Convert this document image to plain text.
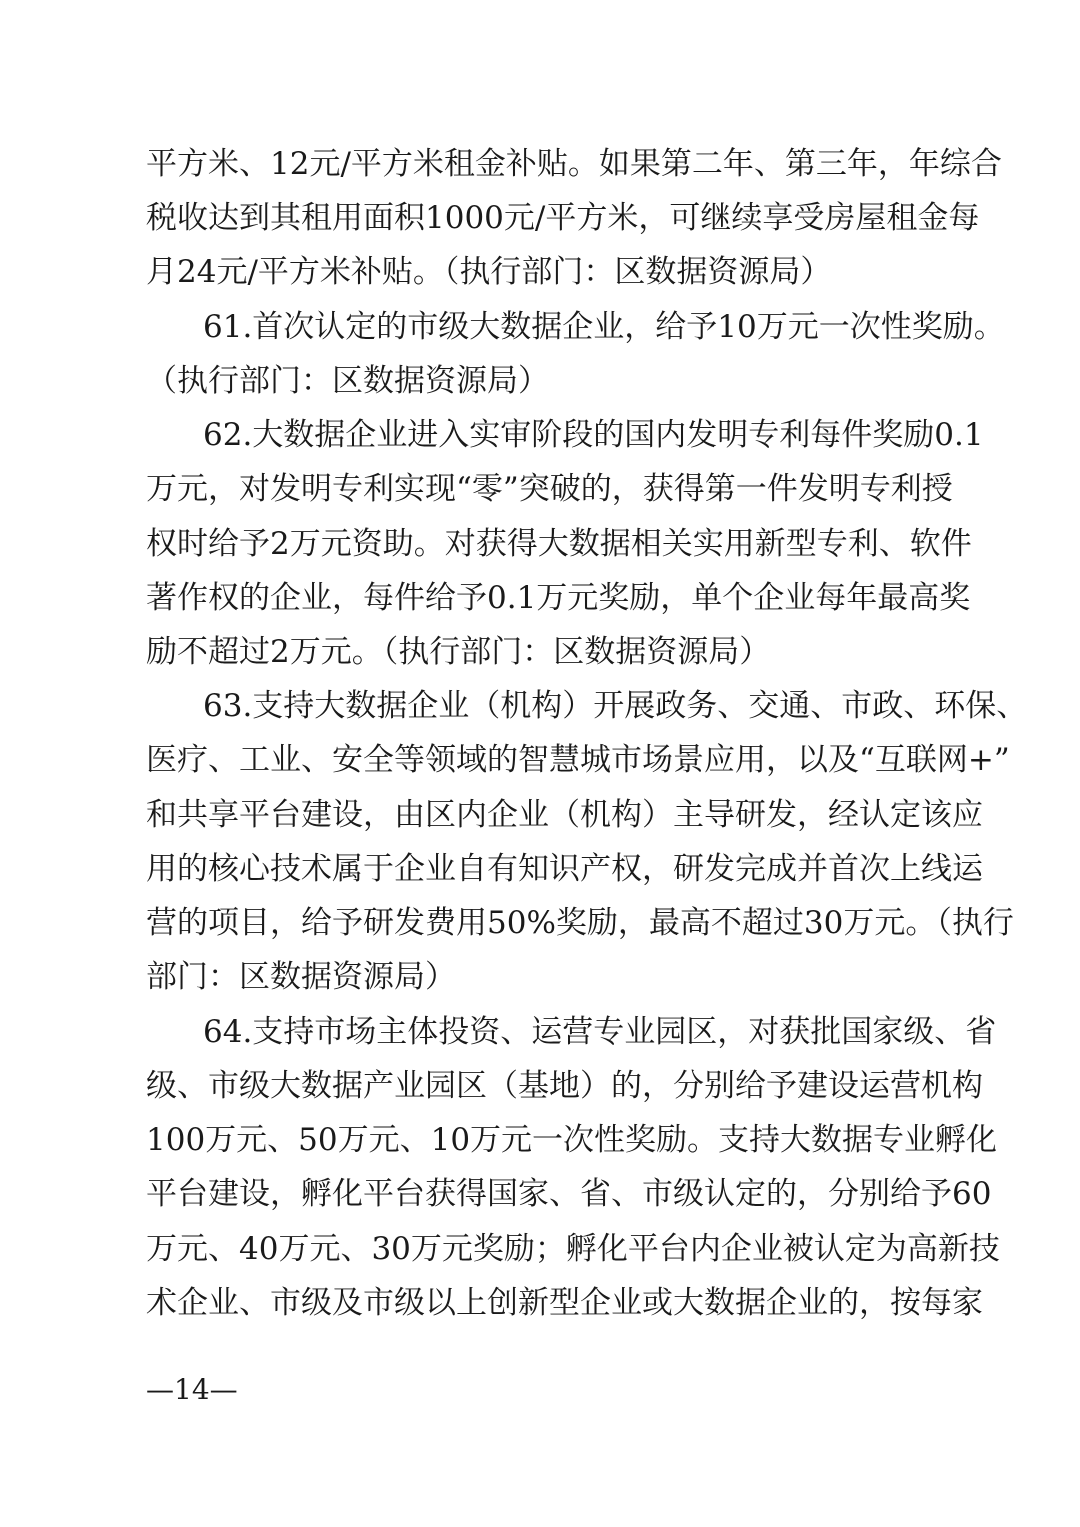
平方米、12元/平方米租金补贴。如果第二年、第三年，年综合
税收达到其租用面积1000元/平方米，可继续享受房屋租金每
月24元/平方米补贴。（执行部门：区数据资源局）
61.首次认定的市级大数据企业，给予10万元一次性奖励。
（执行部门：区数据资源局）
62.大数据企业进入实审阶段的国内发明专利每件奖励0.1
万元，对发明专利实现“零”突破的，获得第一件发明专利授
权时给予2万元资助。对获得大数据相关实用新型专利、软件
著作权的企业，每件给予0.1万元奖励，单个企业每年最高奖
励不超过2万元。（执行部门：区数据资源局）
63.支持大数据企业（机构）开展政务、交通、市政、环保、
医疗、工业、安全等领域的智慧城市场景应用，以及“互联网+”
和共享平台建设，由区内企业（机构）主导研发，经认定该应
用的核心技术属于企业自有知识产权，研发完成并首次上线运
营的项目，给予研发费用50%奖励，最高不超过30万元。（执行
部门：区数据资源局）
64.支持市场主体投资、运营专业园区，对获批国家级、省
级、市级大数据产业园区（基地）的，分别给予建设运营机构
100万元、50万元、10万元一次性奖励。支持大数据专业孵化
平台建设，孵化平台获得国家、省、市级认定的，分别给予60
万元、40万元、30万元奖励；孵化平台内企业被认定为高新技
术企业、市级及市级以上创新型企业或大数据企业的，按每家
—14—
